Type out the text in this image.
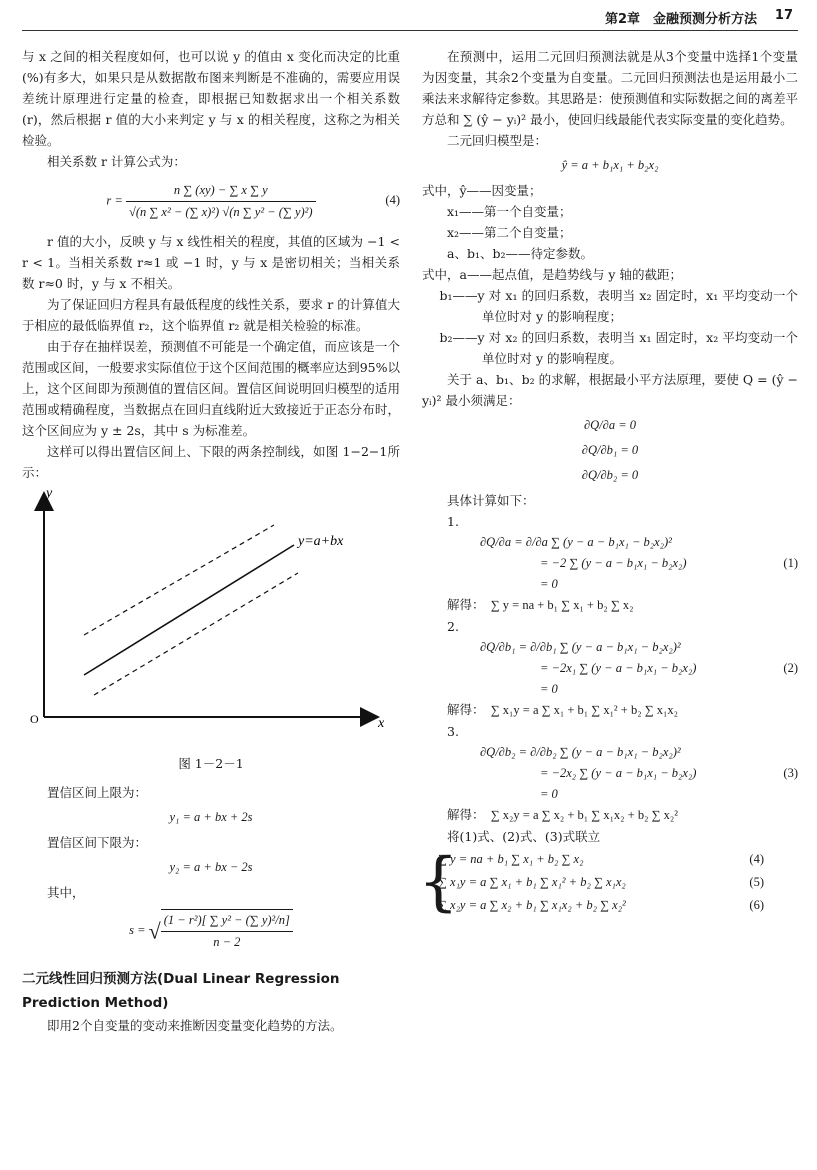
第2章　金融预测分析方法 17

与 x 之间的相关程度如何，也可以说 y 的值由 x 变化而决定的比重(%)有多大，如果只是从数据散布图来判断是不准确的，需要应用误差统计原理进行定量的检查，即根据已知数据求出一个相关系数(r)，然后根据 r 值的大小来判定 y 与 x 的相关程度，这称之为相关检验。

相关系数 r 计算公式为：

$r = \frac{n \sum (xy) - \sum x \sum y}{\text{√(n ∑ x² − (∑ x)²) √(n ∑ y² − (∑ y)²)}}$	(4)

r 值的大小，反映 y 与 x 线性相关的程度，其值的区域为 −1 < r < 1。当相关系数 r≈1 或 −1 时，y 与 x 是密切相关；当相关系数 r≈0 时，y 与 x 不相关。

为了保证回归方程具有最低程度的线性关系，要求 r 的计算值大于相应的最低临界值 r₂，这个临界值 r₂ 就是相关检验的标准。

由于存在抽样误差，预测值不可能是一个确定值，而应该是一个范围或区间，一般要求实际值位于这个区间范围的概率应达到95%以上，这个区间即为预测值的置信区间。置信区间说明回归模型的适用范围或精确程度，当数据点在回归直线附近大致接近于正态分布时，这个区间应为 y ± 2s，其中 s 为标准差。

这样可以得出置信区间上、下限的两条控制线，如图 1−2−1所示：

y
x
O
y=a+bx
图 1－2－1

置信区间上限为：

y₁ = a + bx + 2s

置信区间下限为：

y₂ = a + bx − 2s

其中，

s = √ $\frac{\text{(1 − r²)[ ∑ y² − (∑ y)²/n]}}{n - 2}$
二元线性回归预测方法(Dual Linear Regression Prediction Method)

即用2个自变量的变动来推断因变量变化趋势的方法。

在预测中，运用二元回归预测法就是从3个变量中选择1个变量为因变量，其余2个变量为自变量。二元回归预测法也是运用最小二乘法来求解待定参数。其思路是：使预测值和实际数据之间的离差平方总和 ∑ (ŷ − yᵢ)² 最小，使回归线最能代表实际变量的变化趋势。

二元回归模型是：

ŷ = a + b₁x₁ + b₂x₂

式中，ŷ——因变量；

x₁——第一个自变量；

x₂——第二个自变量；

a、b₁、b₂——待定参数。

式中，a——起点值，是趋势线与 y 轴的截距；

b₁——y 对 x₁ 的回归系数，表明当 x₂ 固定时，x₁ 平均变动一个单位时对 y 的影响程度；

b₂——y 对 x₂ 的回归系数，表明当 x₁ 固定时，x₂ 平均变动一个单位时对 y 的影响程度。

关于 a、b₁、b₂ 的求解，根据最小平方法原理，要使 Q = (ŷ − yᵢ)² 最小须满足：

∂Q/∂a = 0
∂Q/∂b₁ = 0
∂Q/∂b₂ = 0

具体计算如下：

1.

∂Q/∂a = ∂/∂a ∑ (y − a − b₁x₁ − b₂x₂)²
= −2 ∑ (y − a − b₁x₁ − b₂x₂)	(1)
= 0

解得：　∑ y = na + b₁ ∑ x₁ + b₂ ∑ x₂

2.

∂Q/∂b₁ = ∂/∂b₁ ∑ (y − a − b₁x₁ − b₂x₂)²
= −2x₁ ∑ (y − a − b₁x₁ − b₂x₂)	(2)
= 0

解得：　∑ x₁y = a ∑ x₁ + b₁ ∑ x₁² + b₂ ∑ x₁x₂

3.

∂Q/∂b₂ = ∂/∂b₂ ∑ (y − a − b₁x₁ − b₂x₂)²
= −2x₂ ∑ (y − a − b₁x₁ − b₂x₂)	(3)
= 0

解得：　∑ x₂y = a ∑ x₂ + b₁ ∑ x₁x₂ + b₂ ∑ x₂²

将(1)式、(2)式、(3)式联立

{
∑ y = na + b₁ ∑ x₁ + b₂ ∑ x₂	(4)
∑ x₁y = a ∑ x₁ + b₁ ∑ x₁² + b₂ ∑ x₁x₂	(5)
∑ x₂y = a ∑ x₂ + b₁ ∑ x₁x₂ + b₂ ∑ x₂²	(6)
